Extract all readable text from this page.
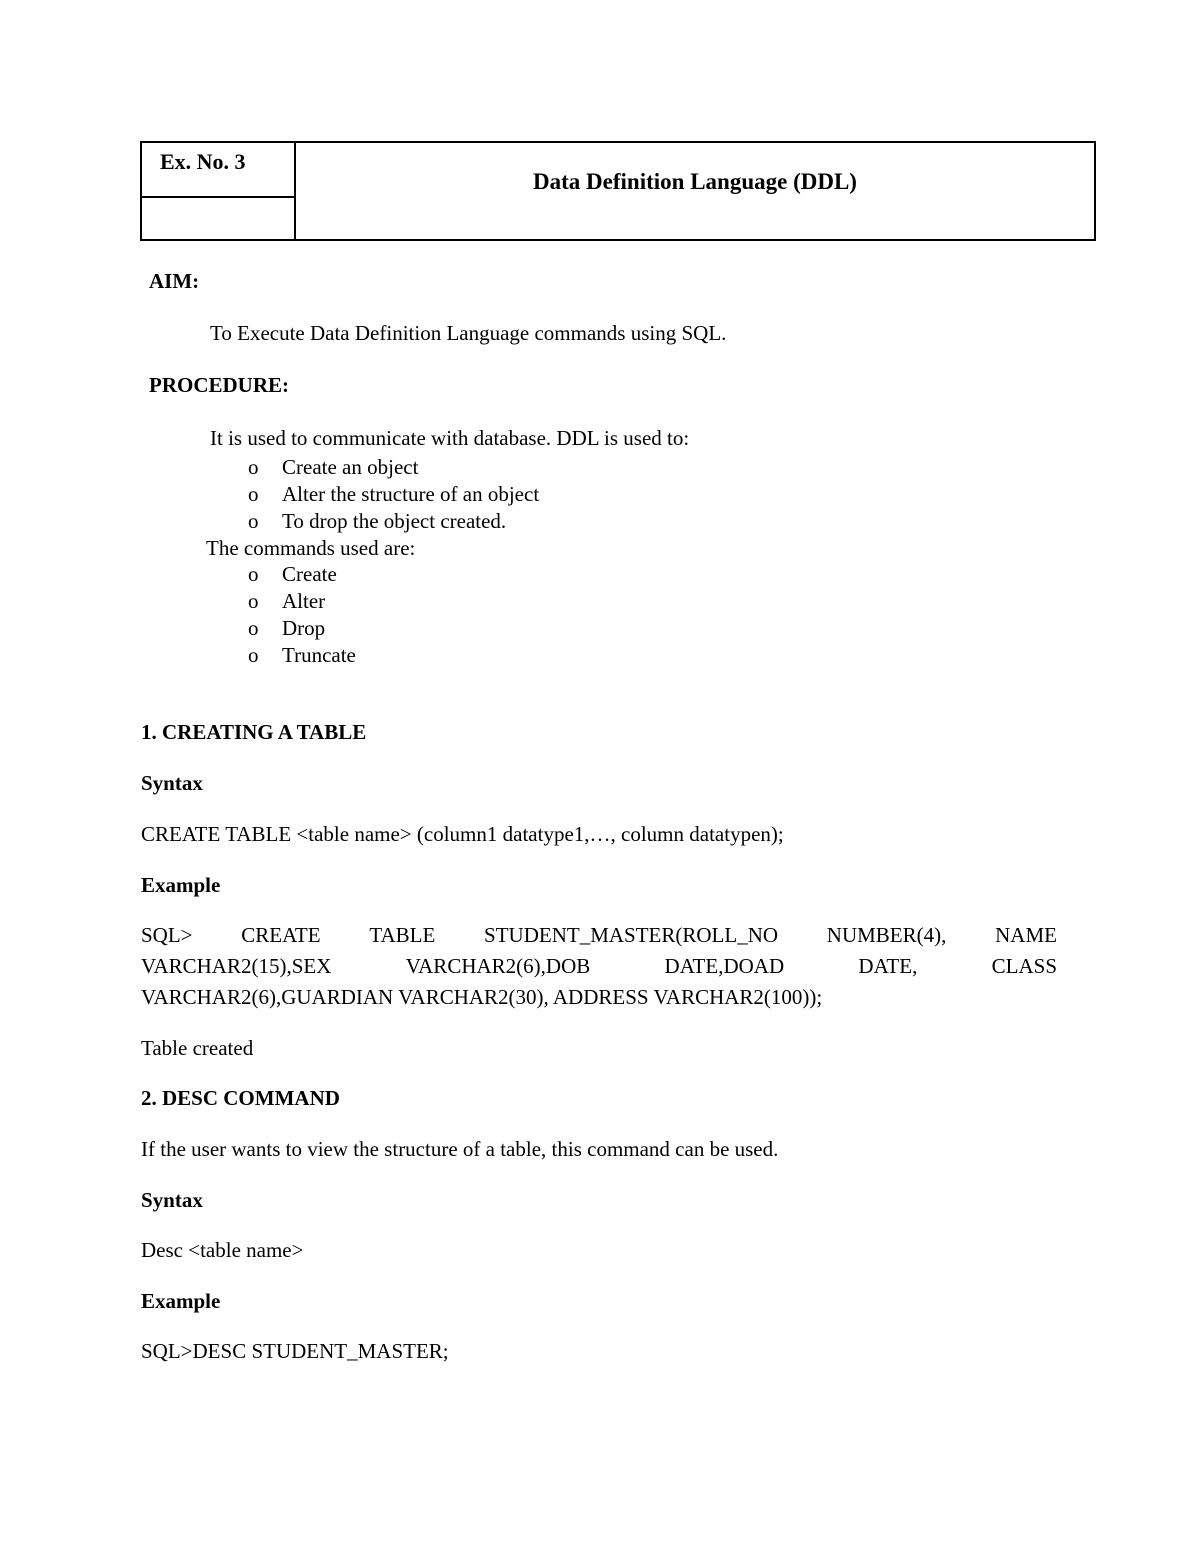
Ex. No. 3
Data Definition Language (DDL)
AIM:
To Execute Data Definition Language commands using SQL.
PROCEDURE:
It is used to communicate with database. DDL is used to:
o Create an object
o Alter the structure of an object
o To drop the object created.
The commands used are:
o Create
o Alter
o Drop
o Truncate
1. CREATING A TABLE
Syntax
CREATE TABLE <table name> (column1 datatype1,…, column datatypen);
Example
SQL> CREATE TABLE STUDENT_MASTER(ROLL_NO NUMBER(4), NAME
VARCHAR2(15),SEX	VARCHAR2(6),DOB	DATE,DOAD	DATE,	CLASS
VARCHAR2(6),GUARDIAN VARCHAR2(30), ADDRESS VARCHAR2(100));
Table created
2. DESC COMMAND
If the user wants to view the structure of a table, this command can be used.
Syntax
Desc <table name>
Example
SQL>DESC STUDENT_MASTER;
